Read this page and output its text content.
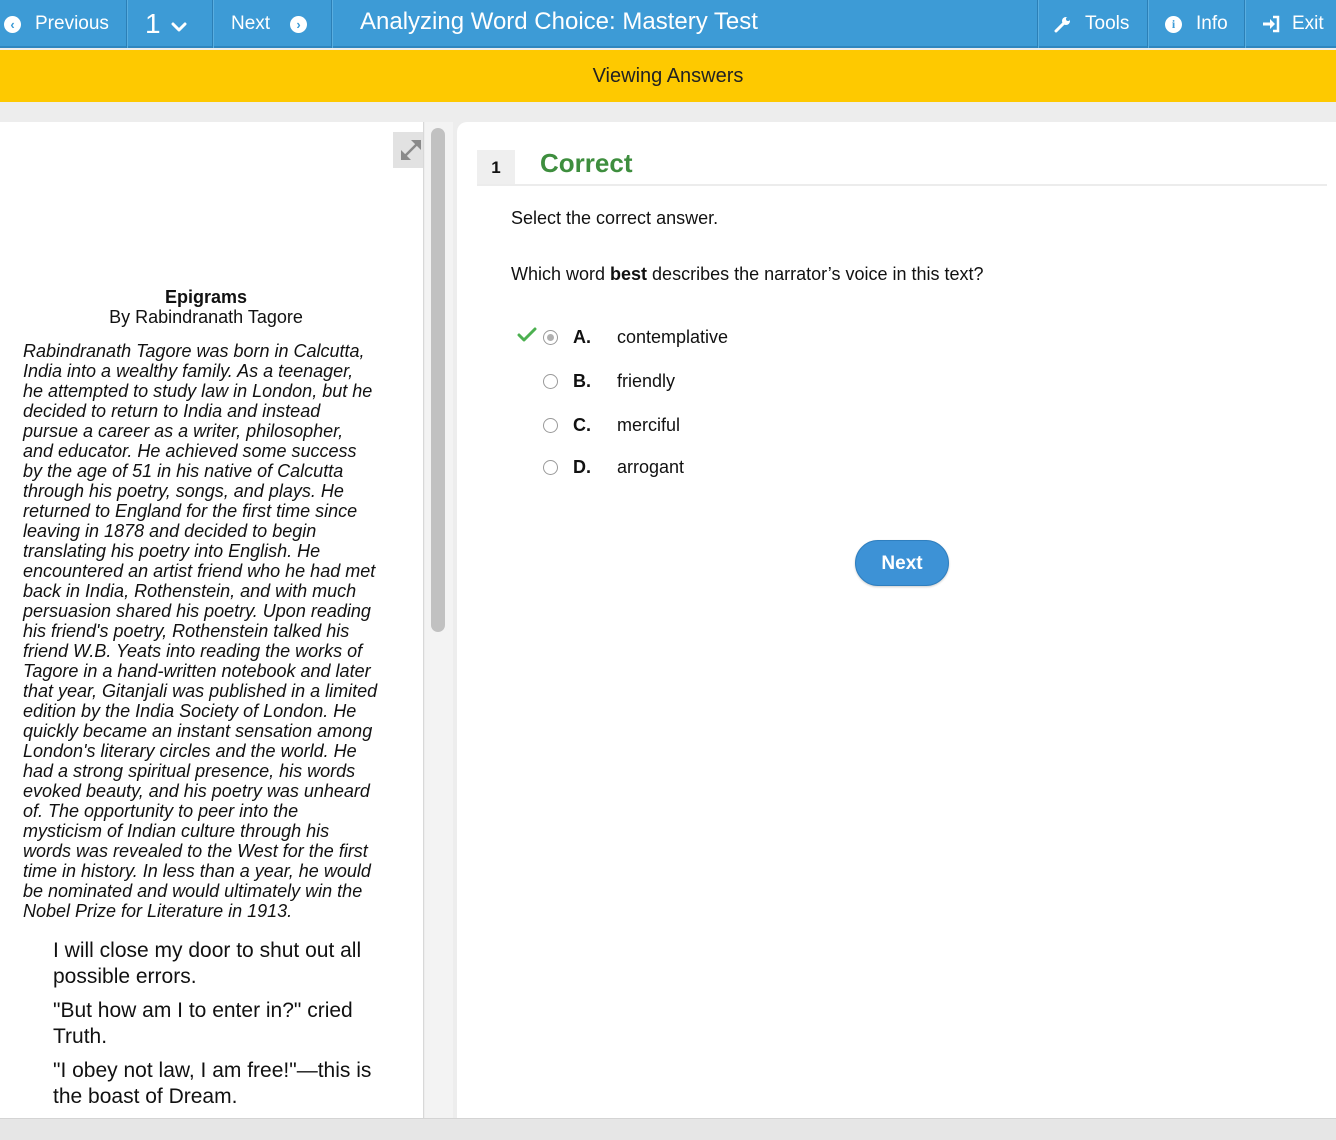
‹	Previous 1	Next	› Analyzing Word Choice: Mastery Test	Tools	i	Info	Exit
Viewing Answers
Epigrams
By Rabindranath Tagore
Rabindranath Tagore was born in Calcutta,
India into a wealthy family. As a teenager,
he attempted to study law in London, but he
decided to return to India and instead
pursue a career as a writer, philosopher,
and educator. He achieved some success
by the age of 51 in his native of Calcutta
through his poetry, songs, and plays. He
returned to England for the first time since
leaving in 1878 and decided to begin
translating his poetry into English. He
encountered an artist friend who he had met
back in India, Rothenstein, and with much
persuasion shared his poetry. Upon reading
his friend's poetry, Rothenstein talked his
friend W.B. Yeats into reading the works of
Tagore in a hand-written notebook and later
that year, Gitanjali was published in a limited
edition by the India Society of London. He
quickly became an instant sensation among
London's literary circles and the world. He
had a strong spiritual presence, his words
evoked beauty, and his poetry was unheard
of. The opportunity to peer into the
mysticism of Indian culture through his
words was revealed to the West for the first
time in history. In less than a year, he would
be nominated and would ultimately win the
Nobel Prize for Literature in 1913.

I will close my door to shut out all possible errors.

"But how am I to enter in?" cried Truth.

"I obey not law, I am free!"—this is the boast of Dream.

1	Correct
Select the correct answer.
Which word best describes the narrator’s voice in this text?
A. contemplative
B. friendly
C. merciful
D. arrogant
Next
